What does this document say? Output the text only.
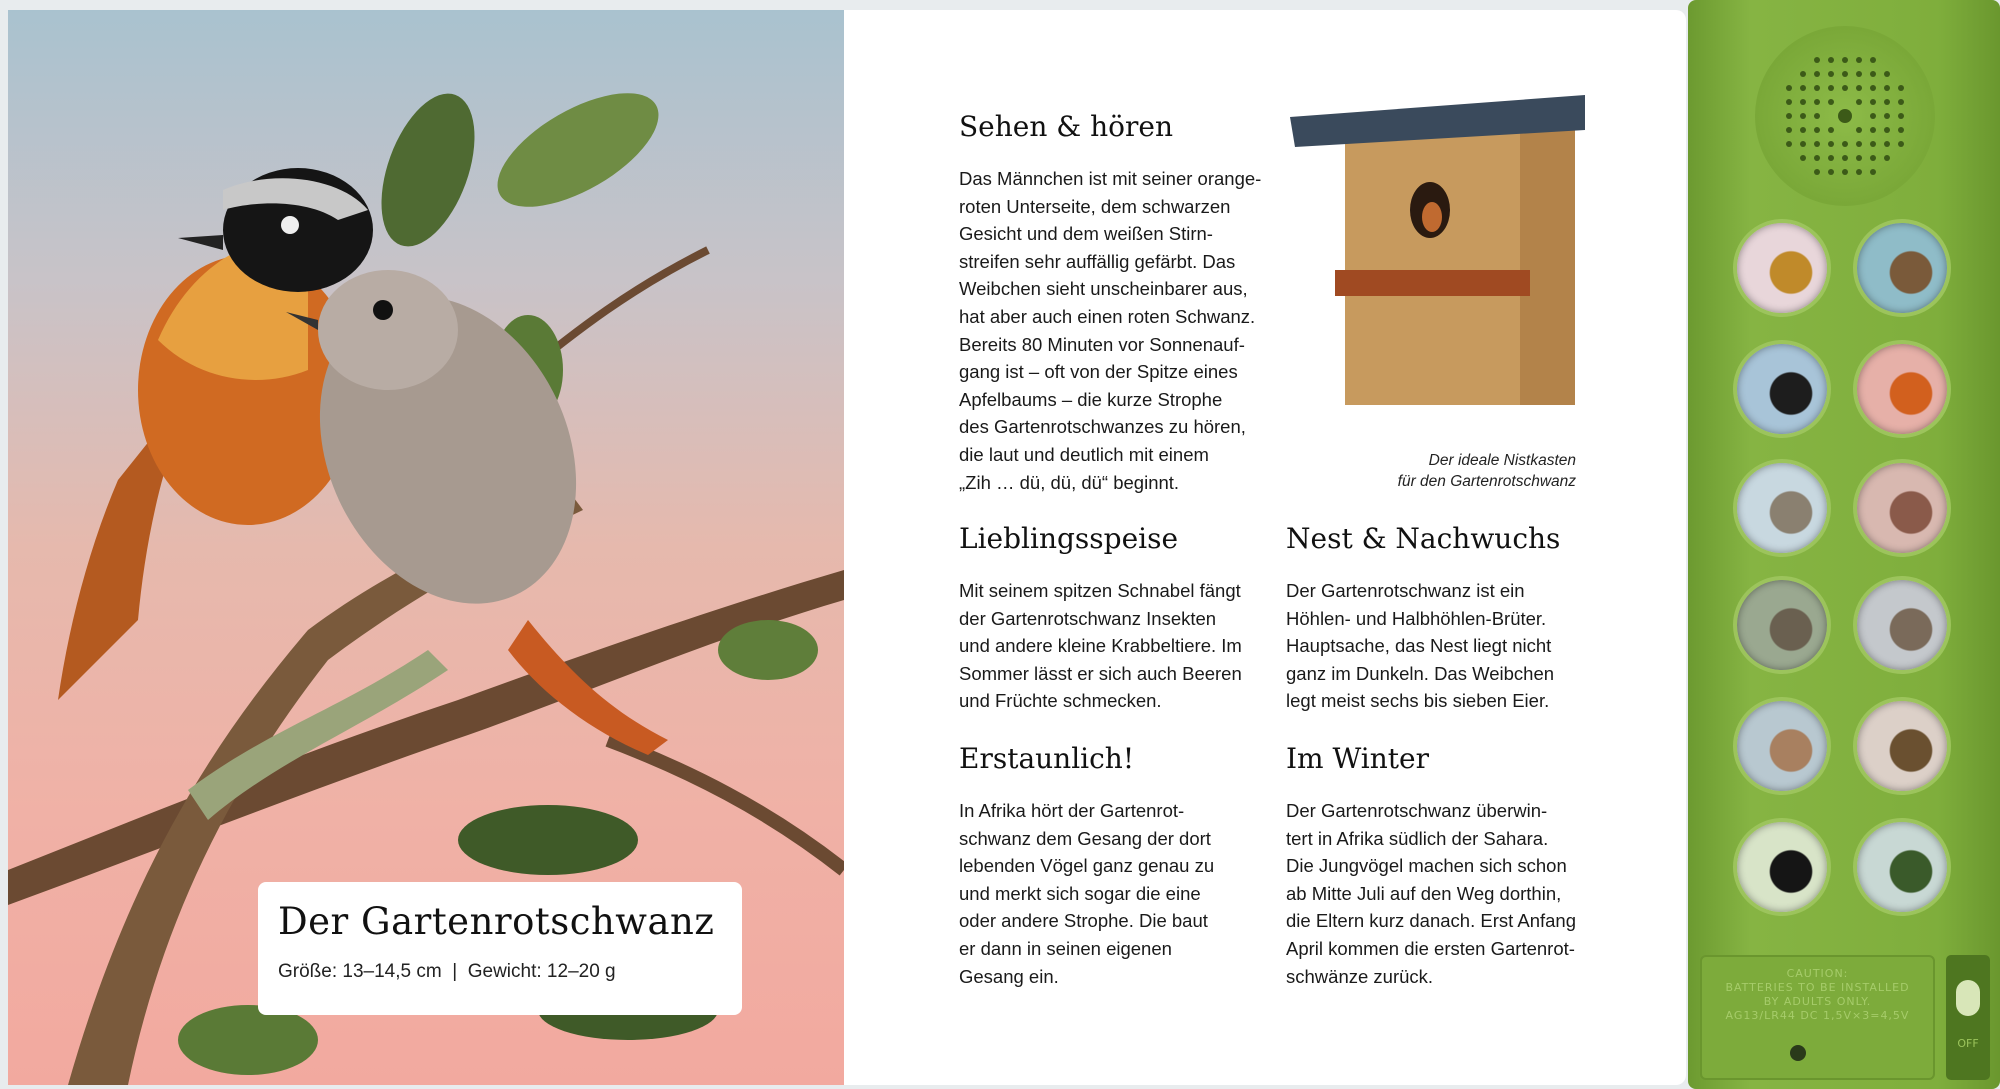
Der Gartenrotschwanz

Größe: 13–14,5 cm  |  Gewicht: 12–20 g

Sehen & hören
Das Männchen ist mit seiner orange-
roten Unterseite, dem schwarzen
Gesicht und dem weißen Stirn-
streifen sehr auffällig gefärbt. Das
Weibchen sieht unscheinbarer aus,
hat aber auch einen roten Schwanz.
Bereits 80 Minuten vor Sonnenauf-
gang ist – oft von der Spitze eines
Apfelbaums – die kurze Strophe
des Gartenrotschwanzes zu hören,
die laut und deutlich mit einem
„Zih … dü, dü, dü“ beginnt.
Der ideale Nistkasten
für den Gartenrotschwanz
Lieblingsspeise
Mit seinem spitzen Schnabel fängt
der Gartenrotschwanz Insekten
und andere kleine Krabbeltiere. Im
Sommer lässt er sich auch Beeren
und Früchte schmecken.
Nest & Nachwuchs
Der Gartenrotschwanz ist ein
Höhlen- und Halbhöhlen-Brüter.
Hauptsache, das Nest liegt nicht
ganz im Dunkeln. Das Weibchen
legt meist sechs bis sieben Eier.
Erstaunlich!
In Afrika hört der Gartenrot-
schwanz dem Gesang der dort
lebenden Vögel ganz genau zu
und merkt sich sogar die eine
oder andere Strophe. Die baut
er dann in seinen eigenen
Gesang ein.
Im Winter
Der Gartenrotschwanz überwin-
tert in Afrika südlich der Sahara.
Die Jungvögel machen sich schon
ab Mitte Juli auf den Weg dorthin,
die Eltern kurz danach. Erst Anfang
April kommen die ersten Gartenrot-
schwänze zurück.	CAUTION:
BATTERIES TO BE INSTALLED
BY ADULTS ONLY.
AG13/LR44 DC 1,5V×3=4,5V
OFF
